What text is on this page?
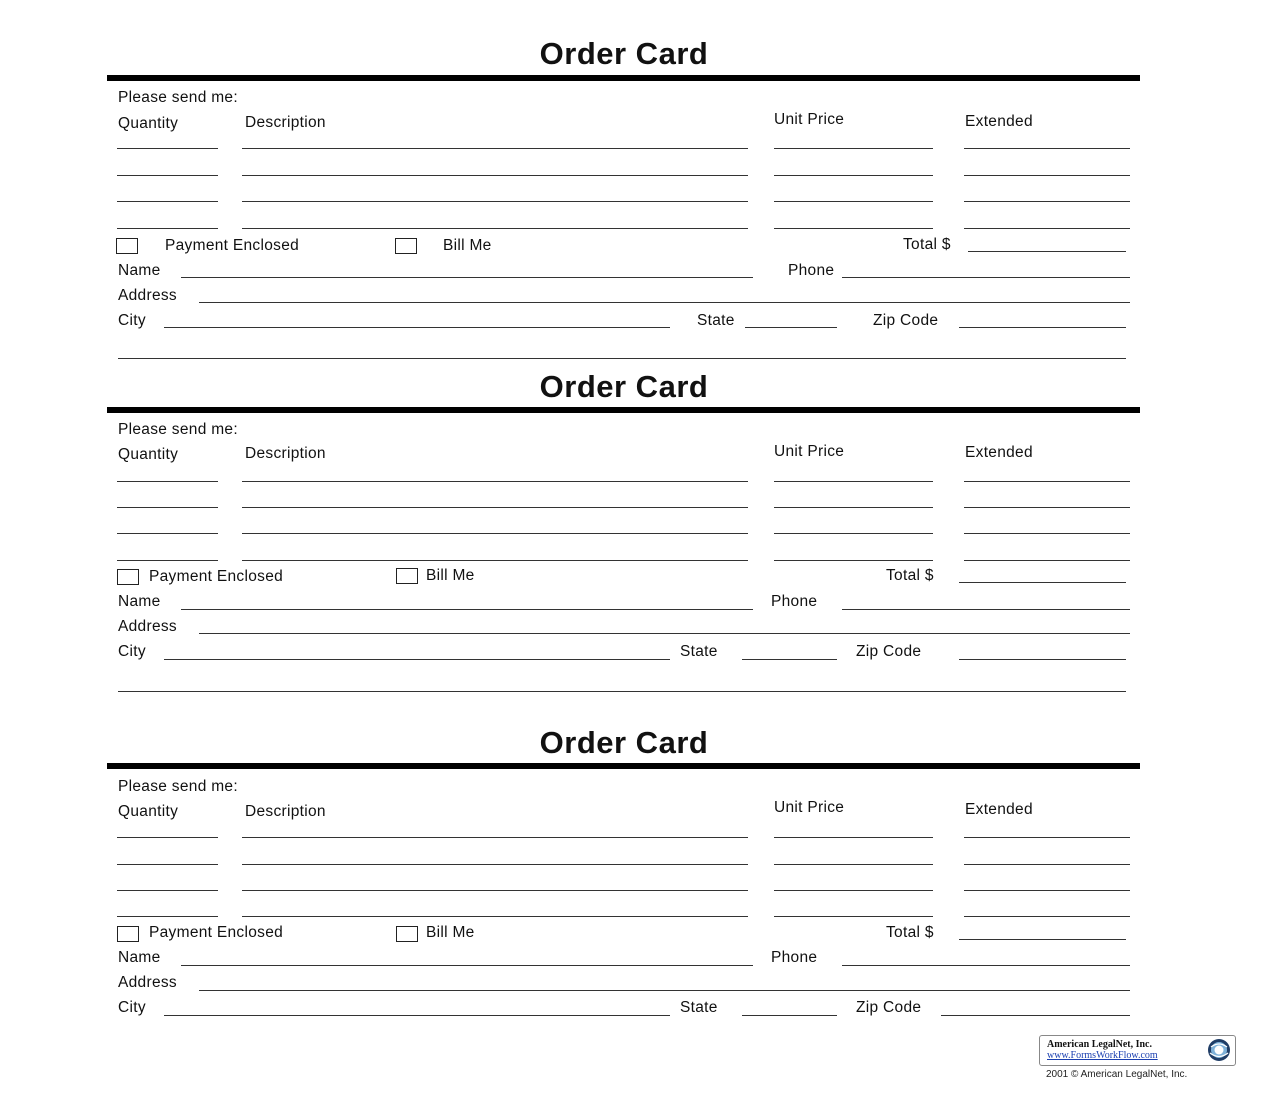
Order Card
Please send me:
Quantity	Description	Unit Price	Extended
Payment Enclosed	Bill Me	Total $
Name	Phone
Address
City	State	Zip Code
Order Card
Please send me:
Quantity	Description	Unit Price	Extended
Payment Enclosed	Bill Me	Total $
Name	Phone
Address
City	State	Zip Code
Order Card
Please send me:
Quantity	Description	Unit Price	Extended
Payment Enclosed	Bill Me	Total $
Name	Phone
Address
City	State	Zip Code
American LegalNet, Inc.
www.FormsWorkFlow.com
2001 © American LegalNet, Inc.
